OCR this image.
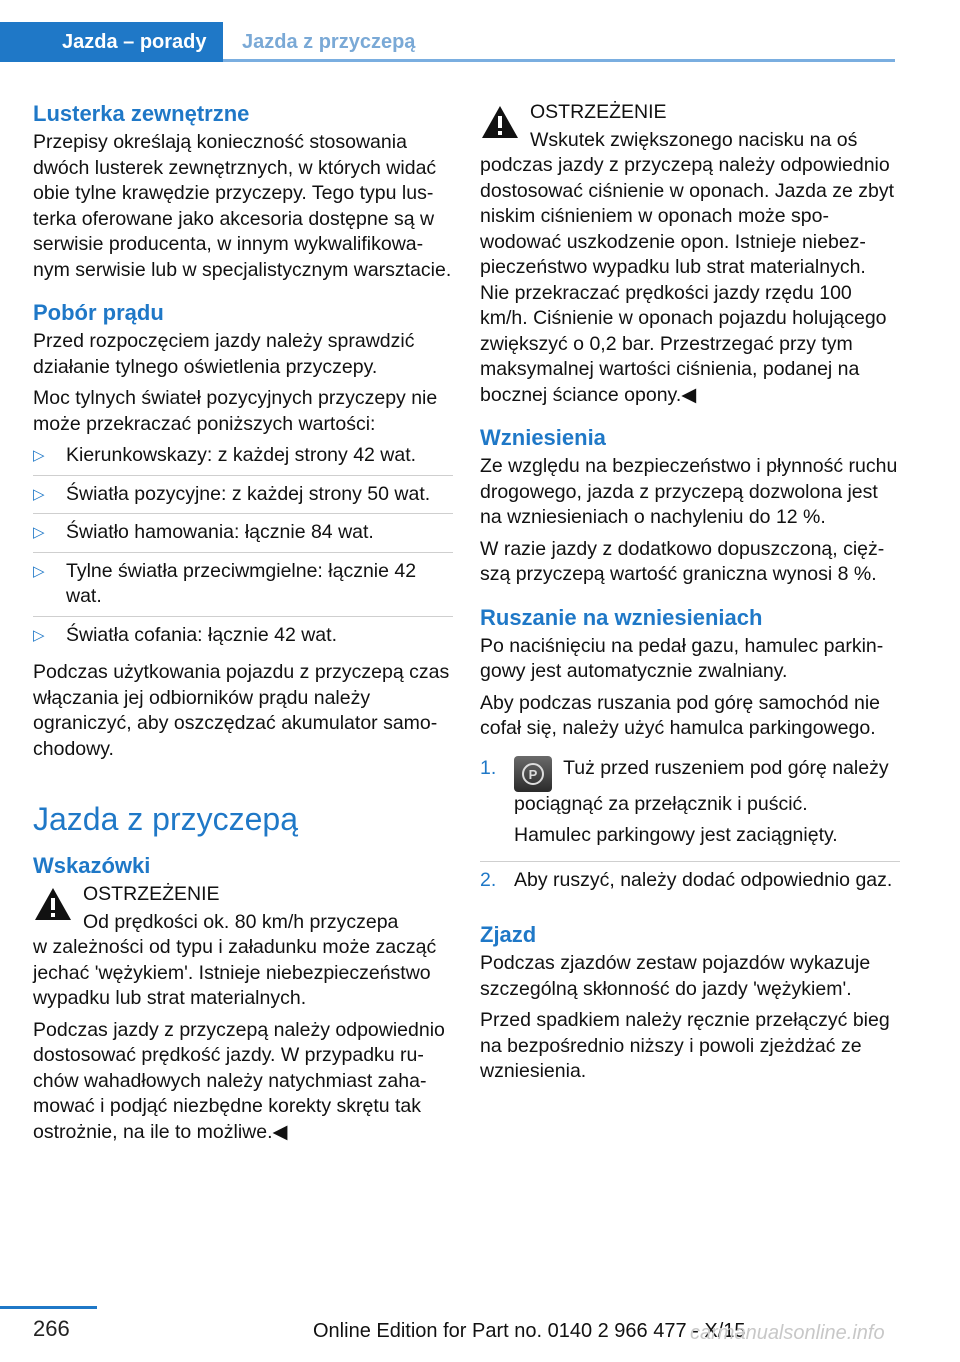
Jazda – porady	Jazda z przyczepą
Lusterka zewnętrzne

Przepisy określają konieczność stosowania dwóch lusterek zewnętrznych, w których widać obie tylne krawędzie przyczepy. Tego typu lusterka oferowane jako akcesoria dostępne są w serwisie producenta, w innym wykwalifikowanym serwisie lub w specjalistycznym warsztacie.

Pobór prądu

Przed rozpoczęciem jazdy należy sprawdzić działanie tylnego oświetlenia przyczepy.

Moc tylnych świateł pozycyjnych przyczepy nie może przekraczać poniższych wartości:

▷ Kierunkowskazy: z każdej strony 42 wat.
▷ Światła pozycyjne: z każdej strony 50 wat.
▷ Światło hamowania: łącznie 84 wat.
▷ Tylne światła przeciwmgielne: łącznie 42 wat.
▷ Światła cofania: łącznie 42 wat.

Podczas użytkowania pojazdu z przyczepą czas włączania jej odbiorników prądu należy ograniczyć, aby oszczędzać akumulator samochodowy.

Jazda z przyczepą
Wskazówki

OSTRZEŻENIE

Od prędkości ok. 80 km/h przyczepa

w zależności od typu i załadunku może zacząć jechać 'wężykiem'. Istnieje niebezpieczeństwo wypadku lub strat materialnych.

Podczas jazdy z przyczepą należy odpowiednio dostosować prędkość jazdy. W przypadku ruchów wahadłowych należy natychmiast zahamować i podjąć niezbędne korekty skrętu tak ostrożnie, na ile to możliwe.◀

OSTRZEŻENIE

Wskutek zwiększonego nacisku na oś

podczas jazdy z przyczepą należy odpowiednio dostosować ciśnienie w oponach. Jazda ze zbyt niskim ciśnieniem w oponach może spowodować uszkodzenie opon. Istnieje niebezpieczeństwo wypadku lub strat materialnych. Nie przekraczać prędkości jazdy rzędu 100 km/h. Ciśnienie w oponach pojazdu holującego zwiększyć o 0,2 bar. Przestrzegać przy tym maksymalnej wartości ciśnienia, podanej na bocznej ściance opony.◀

Wzniesienia

Ze względu na bezpieczeństwo i płynność ruchu drogowego, jazda z przyczepą dozwolona jest na wzniesieniach o nachyleniu do 12 %.

W razie jazdy z dodatkowo dopuszczoną, cięższą przyczepą wartość graniczna wynosi 8 %.

Ruszanie na wzniesieniach

Po naciśnięciu na pedał gazu, hamulec parkingowy jest automatycznie zwalniany.

Aby podczas ruszania pod górę samochód nie cofał się, należy użyć hamulca parkingowego.

1. P Tuż przed ruszeniem pod górę należy pociągnąć za przełącznik i puścić.

Hamulec parkingowy jest zaciągnięty.

2. Aby ruszyć, należy dodać odpowiednio gaz.

Zjazd

Podczas zjazdów zestaw pojazdów wykazuje szczególną skłonność do jazdy 'wężykiem'.

Przed spadkiem należy ręcznie przełączyć bieg na bezpośrednio niższy i powoli zjeżdżać ze wzniesienia.

266	Online Edition for Part no. 0140 2 966 477 - X/15
carmanualsonline.info
